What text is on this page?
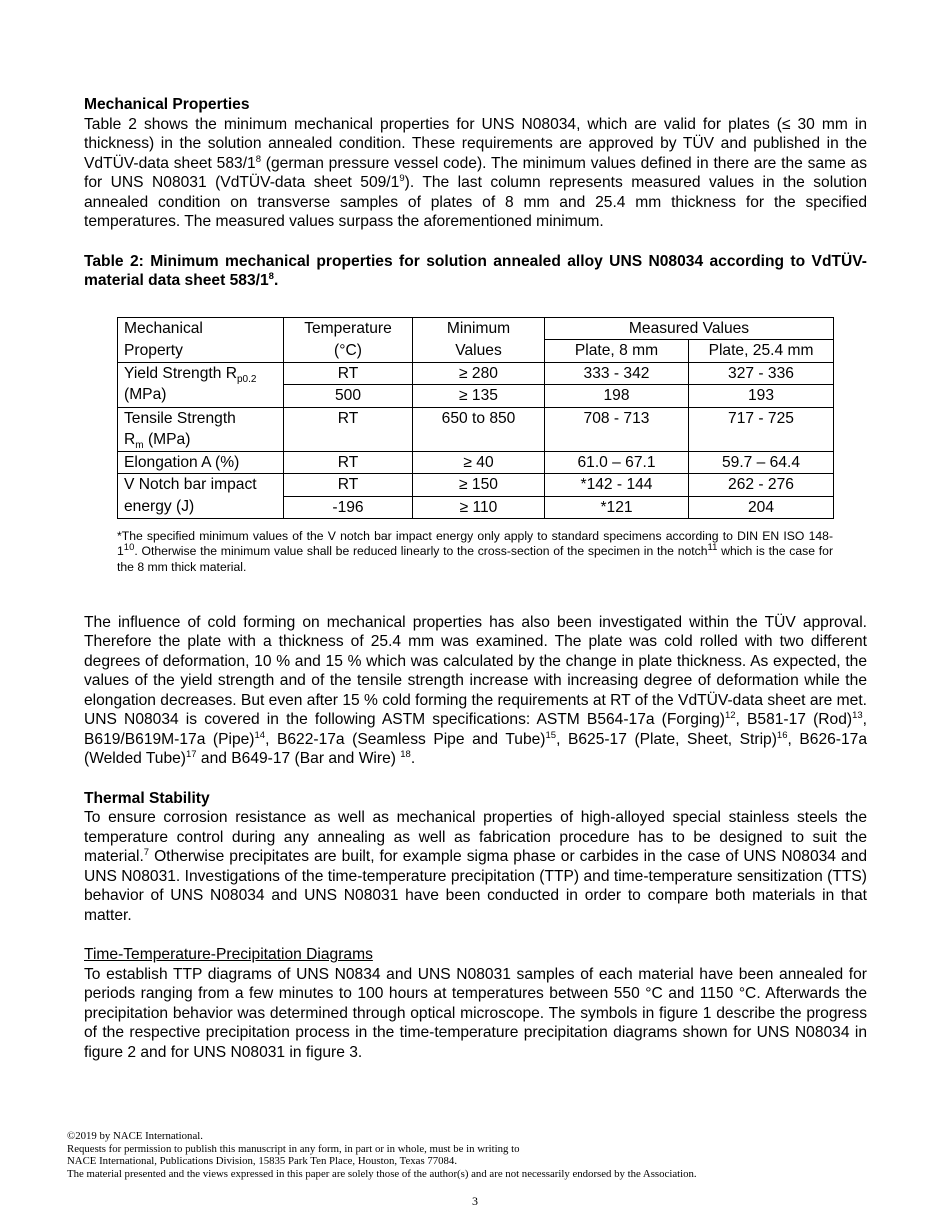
Mechanical Properties

Table 2 shows the minimum mechanical properties for UNS N08034, which are valid for plates (≤ 30 mm in thickness) in the solution annealed condition. These requirements are approved by TÜV and published in the VdTÜV-data sheet $583/1^8$ (german pressure vessel code). The minimum values defined in there are the same as for UNS N08031 (VdTÜV-data sheet $509/1^9$). The last column represents measured values in the solution annealed condition on transverse samples of plates of 8 mm and 25.4 mm thickness for the specified temperatures. The measured values surpass the aforementioned minimum.

Table 2: Minimum mechanical properties for solution annealed alloy UNS N08034 according to VdTÜV-material data sheet $583/1^8$.

Mechanical	Temperature	Minimum	Measured Values	
Property	(°C)	Values	Plate, 8 mm	Plate, 25.4 mm
Yield Strength $R_{p0.2}$
(MPa)	RT	≥ 280	333 - 342	327 - 336
	500	≥ 135	198	193
Tensile Strength
$R_m$ (MPa)	RT	650 to 850	708 - 713	717 - 725
Elongation A (%)	RT	≥ 40	61.0 – 67.1	59.7 – 64.4
V Notch bar impact
energy (J)	RT	≥ 150	*142 - 144	262 - 276
	-196	≥ 110	*121	204

*The specified minimum values of the V notch bar impact energy only apply to standard specimens according to DIN EN ISO $148-1^{10}$. Otherwise the minimum value shall be reduced linearly to the cross-section of the specimen in the notch$^{11}$ which is the case for the 8 mm thick material.

The influence of cold forming on mechanical properties has also been investigated within the TÜV approval. Therefore the plate with a thickness of 25.4 mm was examined. The plate was cold rolled with two different degrees of deformation, 10 % and 15 % which was calculated by the change in plate thickness. As expected, the values of the yield strength and of the tensile strength increase with increasing degree of deformation while the elongation decreases. But even after 15 % cold forming the requirements at RT of the VdTÜV-data sheet are met. UNS N08034 is covered in the following ASTM specifications: ASTM B564-17a (Forging)$^{12}$, B581-17 (Rod)$^{13}$, B619/B619M-17a (Pipe)$^{14}$, B622-17a (Seamless Pipe and Tube)$^{15}$, B625-17 (Plate, Sheet, Strip)$^{16}$, B626-17a (Welded Tube)$^{17}$ and B649-17 (Bar and Wire) $^{18}$.

Thermal Stability

To ensure corrosion resistance as well as mechanical properties of high-alloyed special stainless steels the temperature control during any annealing as well as fabrication procedure has to be designed to suit the material.$^7$ Otherwise precipitates are built, for example sigma phase or carbides in the case of UNS N08034 and UNS N08031. Investigations of the time-temperature precipitation (TTP) and time-temperature sensitization (TTS) behavior of UNS N08034 and UNS N08031 have been conducted in order to compare both materials in that matter.

Time-Temperature-Precipitation Diagrams

To establish TTP diagrams of UNS N0834 and UNS N08031 samples of each material have been annealed for periods ranging from a few minutes to 100 hours at temperatures between 550 °C and 1150 °C. Afterwards the precipitation behavior was determined through optical microscope. The symbols in figure 1 describe the progress of the respective precipitation process in the time-temperature precipitation diagrams shown for UNS N08034 in figure 2 and for UNS N08031 in figure 3.

©2019 by NACE International.
Requests for permission to publish this manuscript in any form, in part or in whole, must be in writing to
NACE International, Publications Division, 15835 Park Ten Place, Houston, Texas 77084.
The material presented and the views expressed in this paper are solely those of the author(s) and are not necessarily endorsed by the Association.
3
